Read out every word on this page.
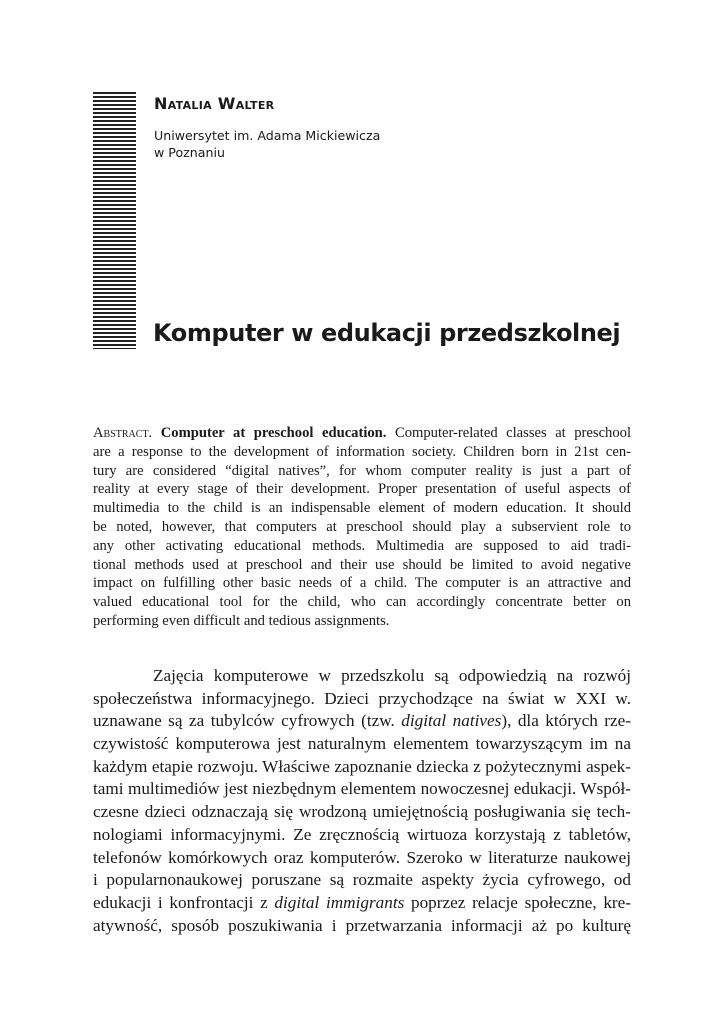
Natalia Walter
Uniwersytet im. Adama Mickiewicza
w Poznaniu
Komputer w edukacji przedszkolnej
Abstract. Computer at preschool education. Computer-related classes at preschool
are a response to the development of information society. Children born in 21st cen-
tury are considered “digital natives”, for whom computer reality is just a part of
reality at every stage of their development. Proper presentation of useful aspects of
multimedia to the child is an indispensable element of modern education. It should
be noted, however, that computers at preschool should play a subservient role to
any other activating educational methods. Multimedia are supposed to aid tradi-
tional methods used at preschool and their use should be limited to avoid negative
impact on fulfilling other basic needs of a child. The computer is an attractive and
valued educational tool for the child, who can accordingly concentrate better on
performing even difficult and tedious assignments.
Zajęcia komputerowe w przedszkolu są odpowiedzią na rozwój
społeczeństwa informacyjnego. Dzieci przychodzące na świat w XXI w.
uznawane są za tubylców cyfrowych (tzw. digital natives), dla których rze-
czywistość komputerowa jest naturalnym elementem towarzyszącym im na
każdym etapie rozwoju. Właściwe zapoznanie dziecka z pożytecznymi aspek-
tami multimediów jest niezbędnym elementem nowoczesnej edukacji. Współ-
czesne dzieci odznaczają się wrodzoną umiejętnością posługiwania się tech-
nologiami informacyjnymi. Ze zręcznością wirtuoza korzystają z tabletów,
telefonów komórkowych oraz komputerów. Szeroko w literaturze naukowej
i popularnonaukowej poruszane są rozmaite aspekty życia cyfrowego, od
edukacji i konfrontacji z digital immigrants poprzez relacje społeczne, kre-
atywność, sposób poszukiwania i przetwarzania informacji aż po kulturę
